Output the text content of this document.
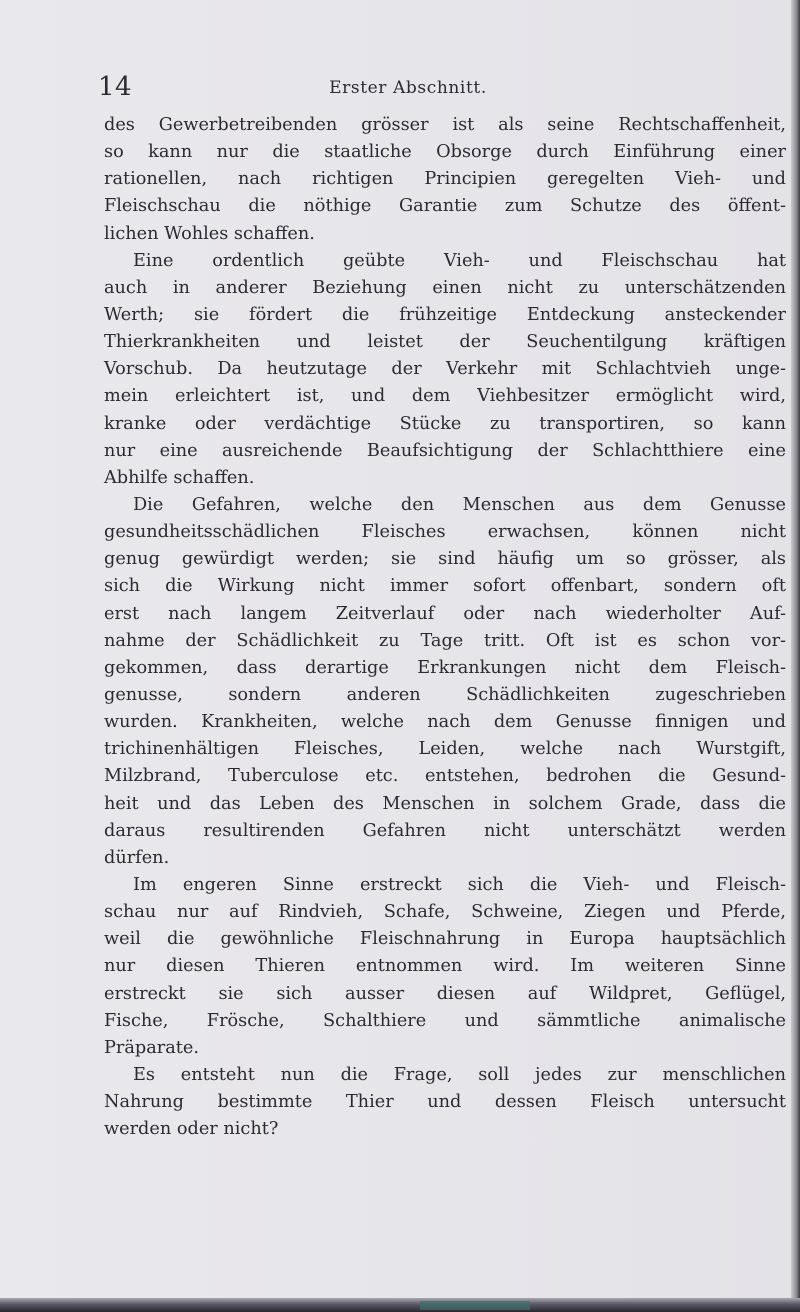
14	Erster Abschnitt.
des Gewerbetreibenden grösser ist als seine Rechtschaffenheit,
so kann nur die staatliche Obsorge durch Einführung einer
rationellen, nach richtigen Principien geregelten Vieh- und
Fleischschau die nöthige Garantie zum Schutze des öffent-
lichen Wohles schaffen.
Eine ordentlich geübte Vieh- und Fleischschau hat
auch in anderer Beziehung einen nicht zu unterschätzenden
Werth; sie fördert die frühzeitige Entdeckung ansteckender
Thierkrankheiten und leistet der Seuchentilgung kräftigen
Vorschub. Da heutzutage der Verkehr mit Schlachtvieh unge-
mein erleichtert ist, und dem Viehbesitzer ermöglicht wird,
kranke oder verdächtige Stücke zu transportiren, so kann
nur eine ausreichende Beaufsichtigung der Schlachtthiere eine
Abhilfe schaffen.
Die Gefahren, welche den Menschen aus dem Genusse
gesundheitsschädlichen Fleisches erwachsen, können nicht
genug gewürdigt werden; sie sind häufig um so grösser, als
sich die Wirkung nicht immer sofort offenbart, sondern oft
erst nach langem Zeitverlauf oder nach wiederholter Auf-
nahme der Schädlichkeit zu Tage tritt. Oft ist es schon vor-
gekommen, dass derartige Erkrankungen nicht dem Fleisch-
genusse, sondern anderen Schädlichkeiten zugeschrieben
wurden. Krankheiten, welche nach dem Genusse finnigen und
trichinenhältigen Fleisches, Leiden, welche nach Wurstgift,
Milzbrand, Tuberculose etc. entstehen, bedrohen die Gesund-
heit und das Leben des Menschen in solchem Grade, dass die
daraus resultirenden Gefahren nicht unterschätzt werden
dürfen.
Im engeren Sinne erstreckt sich die Vieh- und Fleisch-
schau nur auf Rindvieh, Schafe, Schweine, Ziegen und Pferde,
weil die gewöhnliche Fleischnahrung in Europa hauptsächlich
nur diesen Thieren entnommen wird. Im weiteren Sinne
erstreckt sie sich ausser diesen auf Wildpret, Geflügel,
Fische, Frösche, Schalthiere und sämmtliche animalische
Präparate.
Es entsteht nun die Frage, soll jedes zur menschlichen
Nahrung bestimmte Thier und dessen Fleisch untersucht
werden oder nicht?
